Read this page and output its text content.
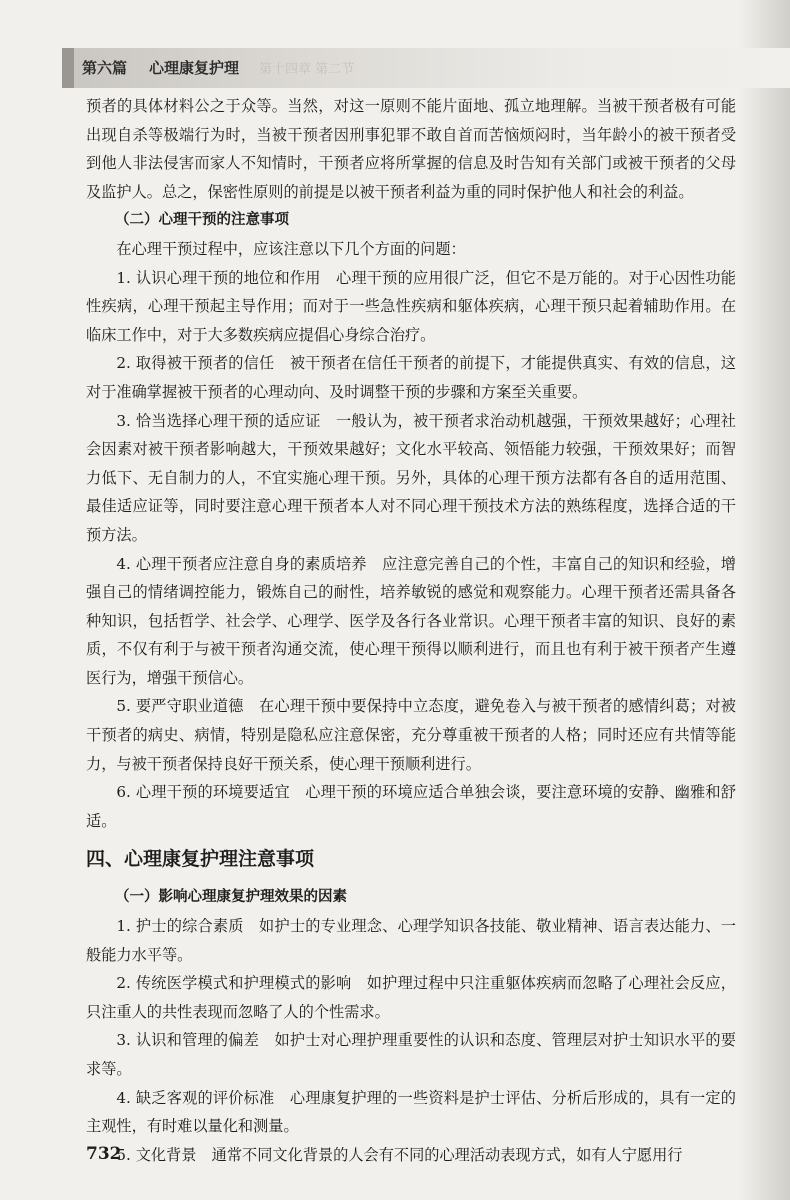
第六篇 心理康复护理 第十四章 第二节

预者的具体材料公之于众等。当然，对这一原则不能片面地、孤立地理解。当被干预者极有可能出现自杀等极端行为时，当被干预者因刑事犯罪不敢自首而苦恼烦闷时，当年龄小的被干预者受到他人非法侵害而家人不知情时，干预者应将所掌握的信息及时告知有关部门或被干预者的父母及监护人。总之，保密性原则的前提是以被干预者利益为重的同时保护他人和社会的利益。

（二）心理干预的注意事项

在心理干预过程中，应该注意以下几个方面的问题：

1. 认识心理干预的地位和作用　心理干预的应用很广泛，但它不是万能的。对于心因性功能性疾病，心理干预起主导作用；而对于一些急性疾病和躯体疾病，心理干预只起着辅助作用。在临床工作中，对于大多数疾病应提倡心身综合治疗。

2. 取得被干预者的信任　被干预者在信任干预者的前提下，才能提供真实、有效的信息，这对于准确掌握被干预者的心理动向、及时调整干预的步骤和方案至关重要。

3. 恰当选择心理干预的适应证　一般认为，被干预者求治动机越强，干预效果越好；心理社会因素对被干预者影响越大，干预效果越好；文化水平较高、领悟能力较强，干预效果好；而智力低下、无自制力的人，不宜实施心理干预。另外，具体的心理干预方法都有各自的适用范围、最佳适应证等，同时要注意心理干预者本人对不同心理干预技术方法的熟练程度，选择合适的干预方法。

4. 心理干预者应注意自身的素质培养　应注意完善自己的个性，丰富自己的知识和经验，增强自己的情绪调控能力，锻炼自己的耐性，培养敏锐的感觉和观察能力。心理干预者还需具备各种知识，包括哲学、社会学、心理学、医学及各行各业常识。心理干预者丰富的知识、良好的素质，不仅有利于与被干预者沟通交流，使心理干预得以顺利进行，而且也有利于被干预者产生遵医行为，增强干预信心。

5. 要严守职业道德　在心理干预中要保持中立态度，避免卷入与被干预者的感情纠葛；对被干预者的病史、病情，特别是隐私应注意保密，充分尊重被干预者的人格；同时还应有共情等能力，与被干预者保持良好干预关系，使心理干预顺利进行。

6. 心理干预的环境要适宜　心理干预的环境应适合单独会谈，要注意环境的安静、幽雅和舒适。

四、心理康复护理注意事项

（一）影响心理康复护理效果的因素

1. 护士的综合素质　如护士的专业理念、心理学知识各技能、敬业精神、语言表达能力、一般能力水平等。

2. 传统医学模式和护理模式的影响　如护理过程中只注重躯体疾病而忽略了心理社会反应，只注重人的共性表现而忽略了人的个性需求。

3. 认识和管理的偏差　如护士对心理护理重要性的认识和态度、管理层对护士知识水平的要求等。

4. 缺乏客观的评价标准　心理康复护理的一些资料是护士评估、分析后形成的，具有一定的主观性，有时难以量化和测量。

5. 文化背景　通常不同文化背景的人会有不同的心理活动表现方式，如有人宁愿用行

732
